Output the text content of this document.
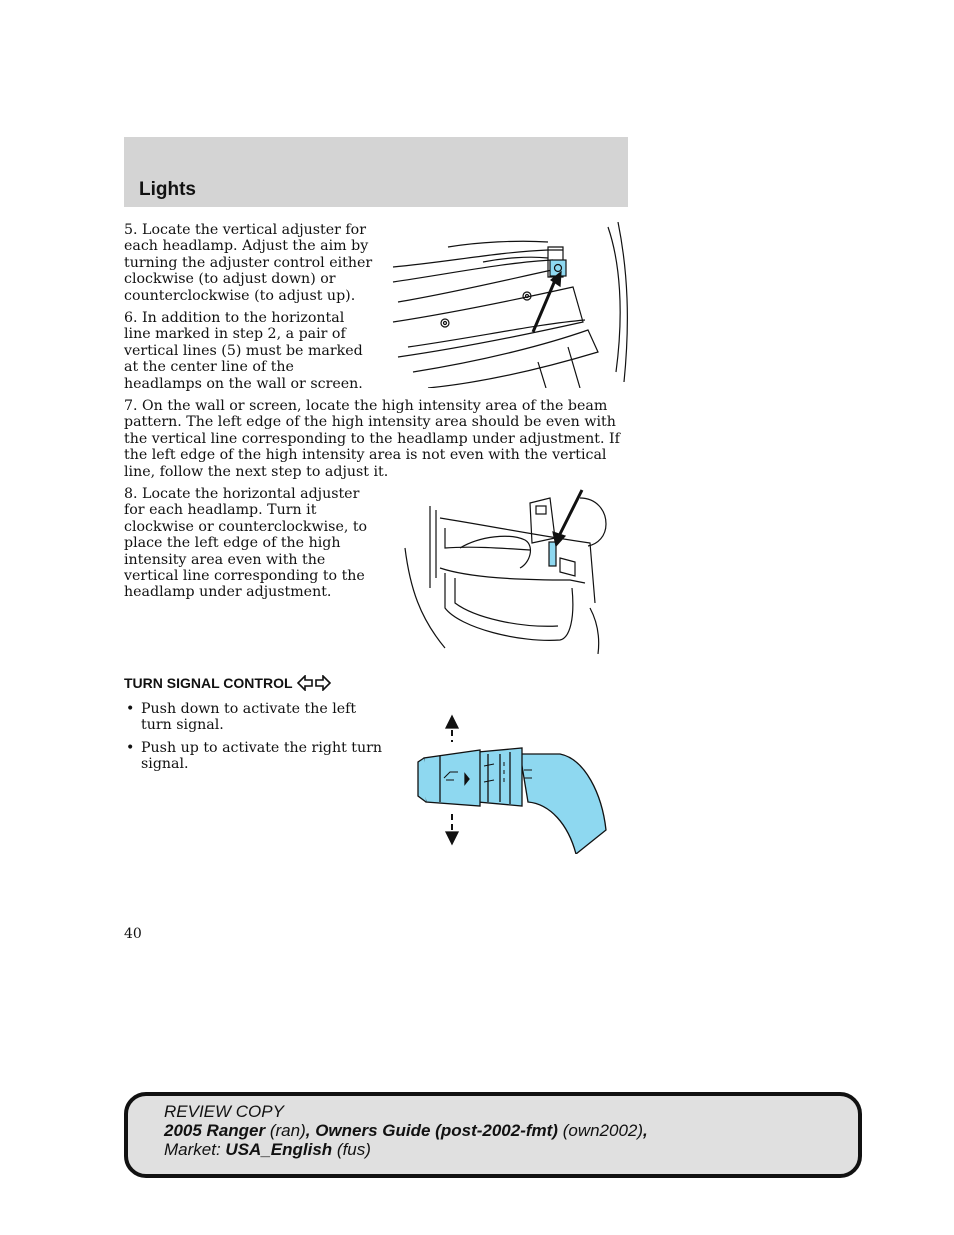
Lights

5. Locate the vertical adjuster for each headlamp. Adjust the aim by turning the adjuster control either clockwise (to adjust down) or counterclockwise (to adjust up).

6. In addition to the horizontal line marked in step 2, a pair of vertical lines (5) must be marked at the center line of the headlamps on the wall or screen.

7. On the wall or screen, locate the high intensity area of the beam pattern. The left edge of the high intensity area should be even with the vertical line corresponding to the headlamp under adjustment. If the left edge of the high intensity area is not even with the vertical line, follow the next step to adjust it.

8. Locate the horizontal adjuster for each headlamp. Turn it clockwise or counterclockwise, to place the left edge of the high intensity area even with the vertical line corresponding to the headlamp under adjustment.

TURN SIGNAL CONTROL
• Push down to activate the left turn signal.
• Push up to activate the right turn signal.
40
REVIEW COPY
2005 Ranger (ran), Owners Guide (post-2002-fmt) (own2002),
Market: USA_English (fus)
